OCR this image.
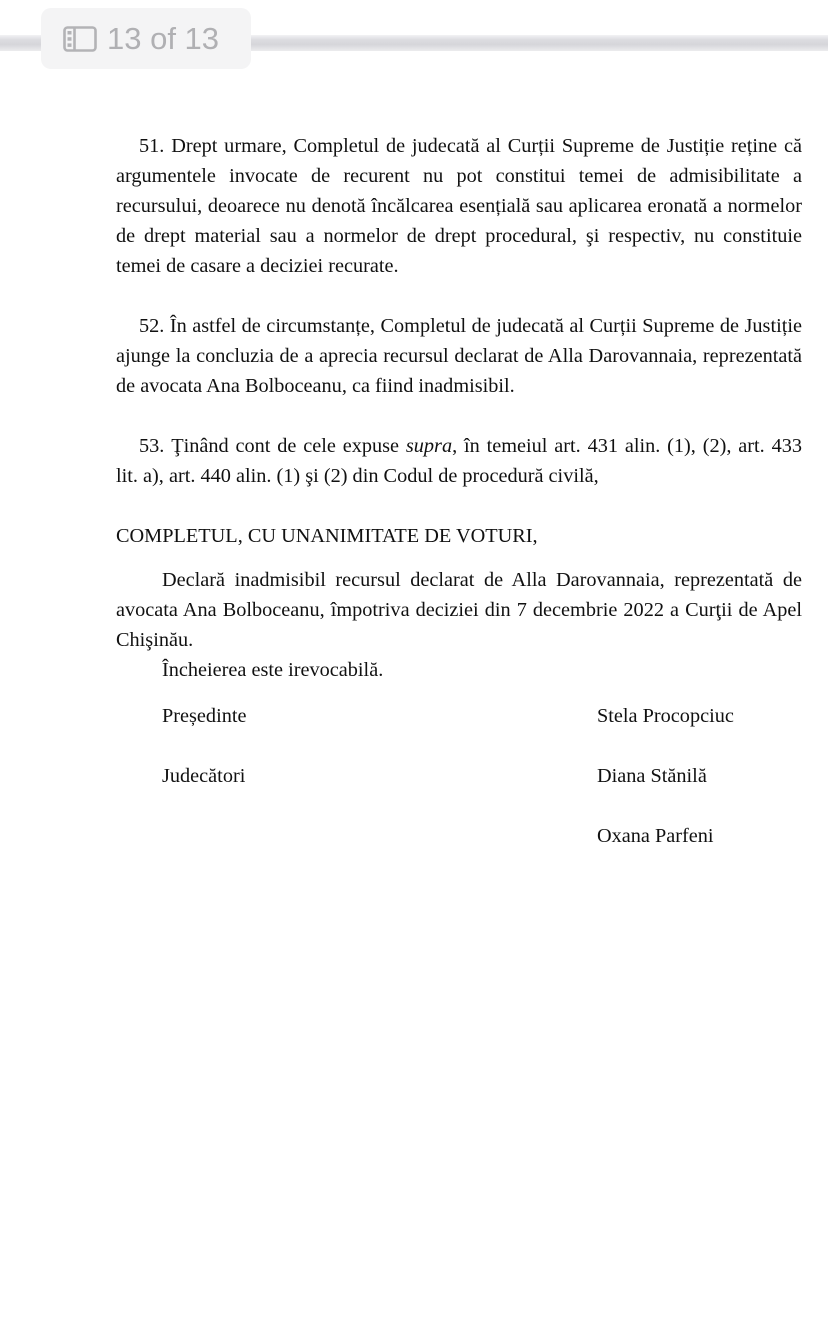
13 of 13

51. Drept urmare, Completul de judecată al Curții Supreme de Justiție reține că argumentele invocate de recurent nu pot constitui temei de admisibilitate a recursului, deoarece nu denotă încălcarea esențială sau aplicarea eronată a normelor de drept material sau a normelor de drept procedural, şi respectiv, nu constituie temei de casare a deciziei recurate.

52. În astfel de circumstanțe, Completul de judecată al Curții Supreme de Justiție ajunge la concluzia de a aprecia recursul declarat de Alla Darovannaia, reprezentată de avocata Ana Bolboceanu, ca fiind inadmisibil.

53. Ţinând cont de cele expuse supra, în temeiul art. 431 alin. (1), (2), art. 433 lit. a), art. 440 alin. (1) şi (2) din Codul de procedură civilă,

COMPLETUL, CU UNANIMITATE DE VOTURI,

Declară inadmisibil recursul declarat de Alla Darovannaia, reprezentată de avocata Ana Bolboceanu, împotriva deciziei din 7 decembrie 2022 a Curţii de Apel Chişinău.

Încheierea este irevocabilă.

Președinte	Stela Procopciuc
Judecători	Diana Stănilă
Oxana Parfeni
